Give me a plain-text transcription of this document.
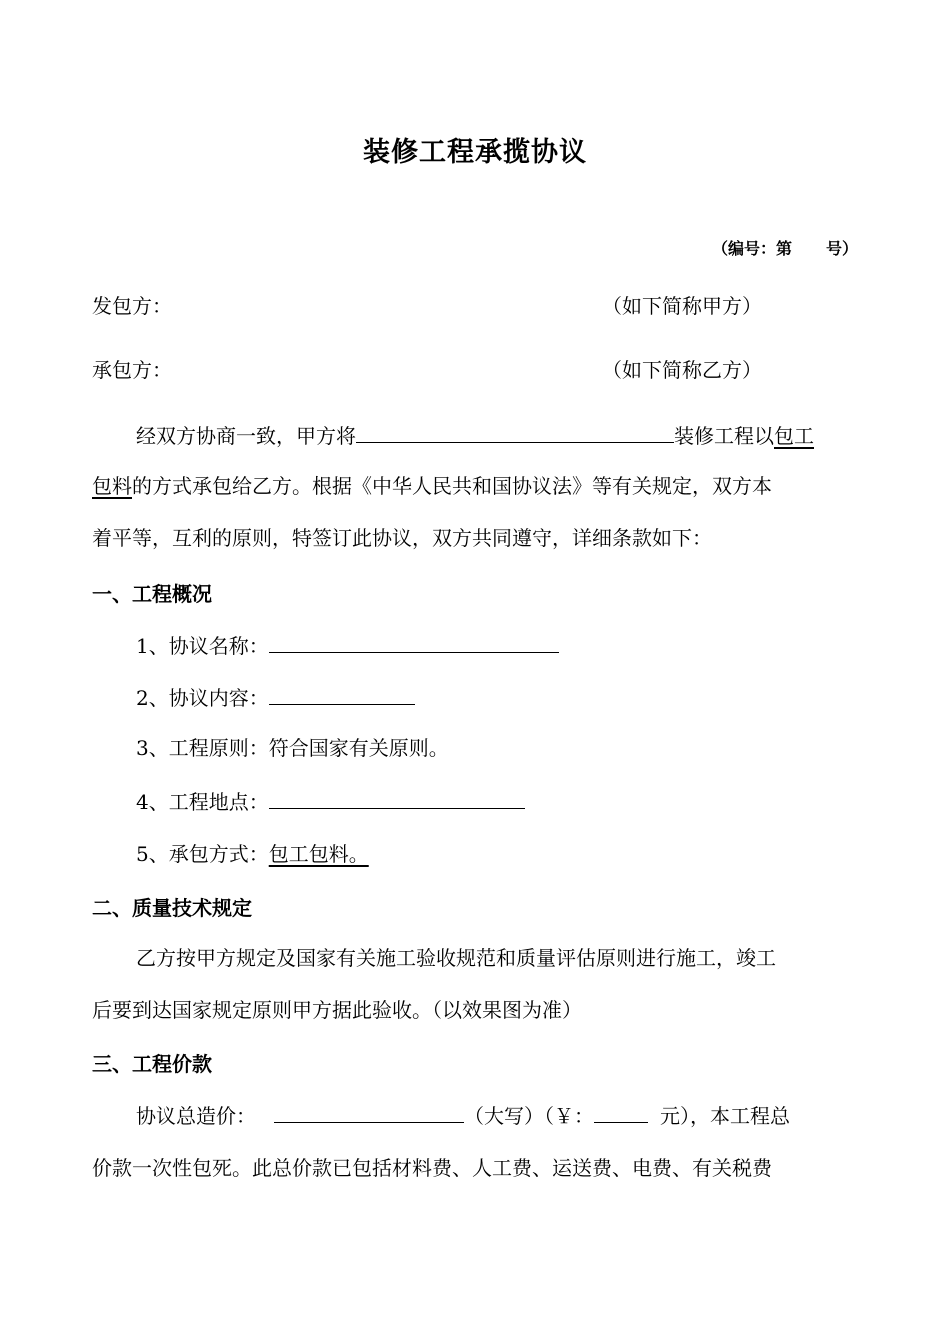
装修工程承揽协议
（编号：第 号）
发包方：	（如下简称甲方）
承包方：	（如下简称乙方）
经双方协商一致，甲方将	装修工程以包工
包料的方式承包给乙方。根据《中华人民共和国协议法》等有关规定，双方本
着平等，互利的原则，特签订此协议，双方共同遵守，详细条款如下：
一、工程概况
1、协议名称：
2、协议内容：
3、工程原则：符合国家有关原则。
4、工程地点：
5、承包方式：包工包料。
二、质量技术规定
乙方按甲方规定及国家有关施工验收规范和质量评估原则进行施工，竣工
后要到达国家规定原则甲方据此验收。（以效果图为准）
三、工程价款
协议总造价：	（大写）（￥：	元），本工程总
价款一次性包死。此总价款已包括材料费、人工费、运送费、电费、有关税费
